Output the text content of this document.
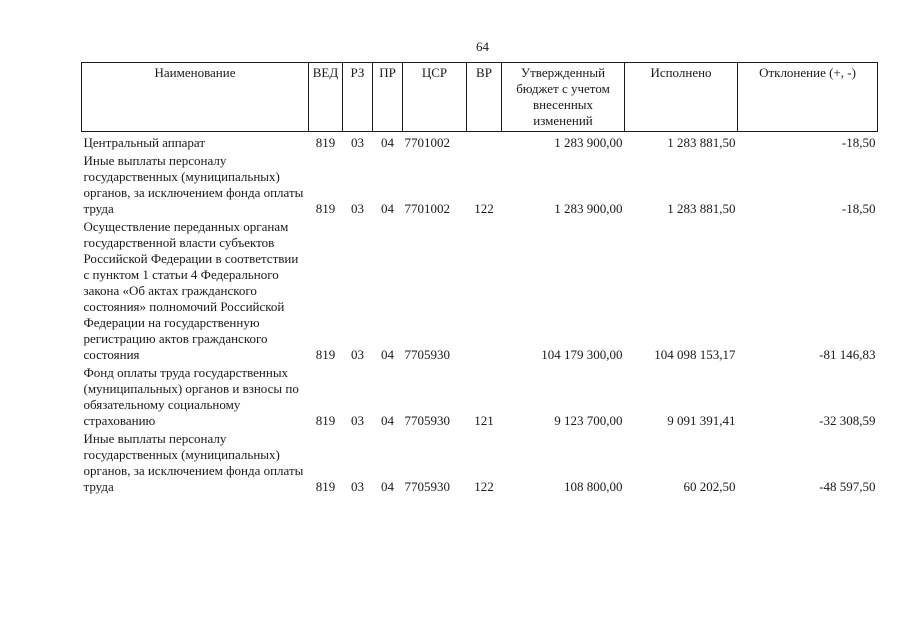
64
Наименование	ВЕД	РЗ	ПР	ЦСР	ВР	Утвержденный бюджет с учетом внесенных изменений	Исполнено	Отклонение (+, -)
Центральный аппарат	819	03	04	7701002		1 283 900,00	1 283 881,50	-18,50
Иные выплаты персоналу государственных (муниципальных) органов, за исключением фонда оплаты труда	819	03	04	7701002	122	1 283 900,00	1 283 881,50	-18,50
Осуществление переданных органам государственной власти субъектов Российской Федерации в соответствии с пунктом 1 статьи 4 Федерального закона «Об актах гражданского состояния» полномочий Российской Федерации на государственную регистрацию актов гражданского состояния	819	03	04	7705930		104 179 300,00	104 098 153,17	-81 146,83
Фонд оплаты труда государственных (муниципальных) органов и взносы по обязательному социальному страхованию	819	03	04	7705930	121	9 123 700,00	9 091 391,41	-32 308,59
Иные выплаты персоналу государственных (муниципальных) органов, за исключением фонда оплаты труда	819	03	04	7705930	122	108 800,00	60 202,50	-48 597,50
